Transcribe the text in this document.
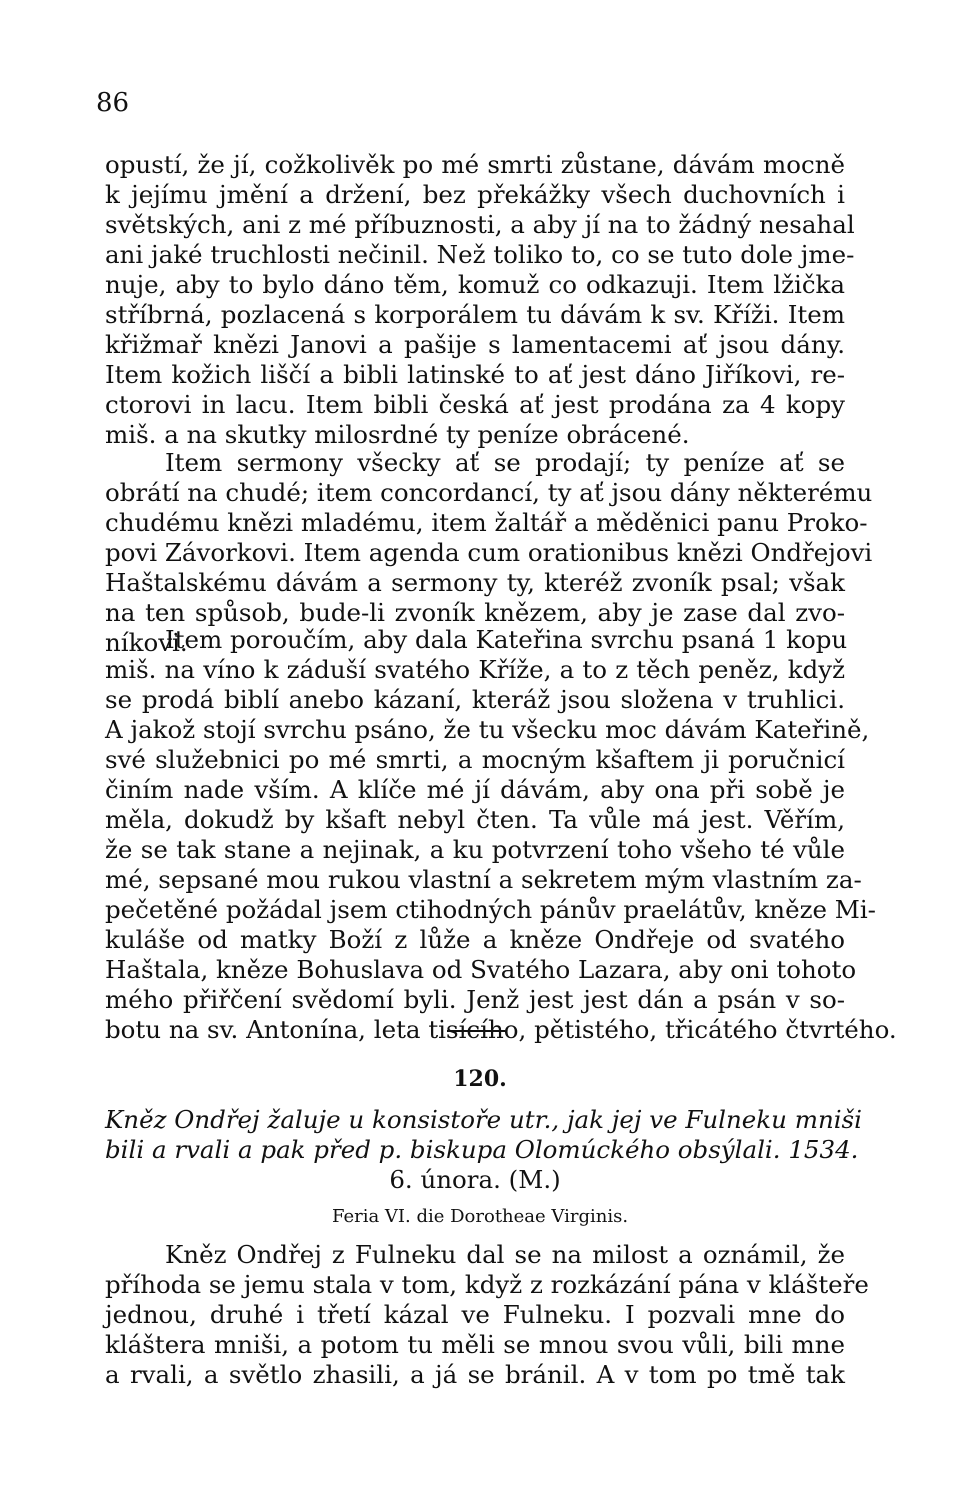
86
opustí, že jí, cožkolivěk po mé smrti zůstane, dávám mocně
k jejímu jmění a držení, bez překážky všech duchovních i
světských, ani z mé příbuznosti, a aby jí na to žádný nesahal
ani jaké truchlosti nečinil. Než toliko to, co se tuto dole jme-
nuje, aby to bylo dáno těm, komuž co odkazuji. Item lžička
stříbrná, pozlacená s korporálem tu dávám k sv. Kříži. Item
křižmař knězi Janovi a pašije s lamentacemi ať jsou dány.
Item kožich liščí a bibli latinské to ať jest dáno Jiříkovi, re-
ctorovi in lacu. Item bibli česká ať jest prodána za 4 kopy
miš. a na skutky milosrdné ty peníze obrácené.
Item sermony všecky ať se prodají; ty peníze ať se
obrátí na chudé; item concordancí, ty ať jsou dány některému
chudému knězi mladému, item žaltář a měděnici panu Proko-
povi Závorkovi. Item agenda cum orationibus knězi Ondřejovi
Haštalskému dávám a sermony ty, kteréž zvoník psal; však
na ten spůsob, bude-li zvoník knězem, aby je zase dal zvo-
níkovi.
Item poroučím, aby dala Kateřina svrchu psaná 1 kopu
miš. na víno k záduší svatého Kříže, a to z těch peněz, když
se prodá biblí anebo kázaní, kteráž jsou složena v truhlici.
A jakož stojí svrchu psáno, že tu všecku moc dávám Kateřině,
své služebnici po mé smrti, a mocným kšaftem ji poručnicí
činím nade vším. A klíče mé jí dávám, aby ona při sobě je
měla, dokudž by kšaft nebyl čten. Ta vůle má jest. Věřím,
že se tak stane a nejinak, a ku potvrzení toho všeho té vůle
mé, sepsané mou rukou vlastní a sekretem mým vlastním za-
pečetěné požádal jsem ctihodných pánův praelátův, kněze Mi-
kuláše od matky Boží z lůže a kněze Ondřeje od svatého
Haštala, kněze Bohuslava od Svatého Lazara, aby oni tohoto
mého přiřčení svědomí byli. Jenž jest jest dán a psán v so-
botu na sv. Antonína, leta tisícího, pětistého, třicátého čtvrtého.
120.
Kněz Ondřej žaluje u konsistoře utr., jak jej ve Fulneku mniši
bili a rvali a pak před p. biskupa Olomúckého obsýlali. 1534.
6. února. (M.)
Feria VI. die Dorotheae Virginis.
Kněz Ondřej z Fulneku dal se na milost a oznámil, že
příhoda se jemu stala v tom, když z rozkázání pána v klášteře
jednou, druhé i třetí kázal ve Fulneku. I pozvali mne do
kláštera mniši, a potom tu měli se mnou svou vůli, bili mne
a rvali, a světlo zhasili, a já se bránil. A v tom po tmě tak
